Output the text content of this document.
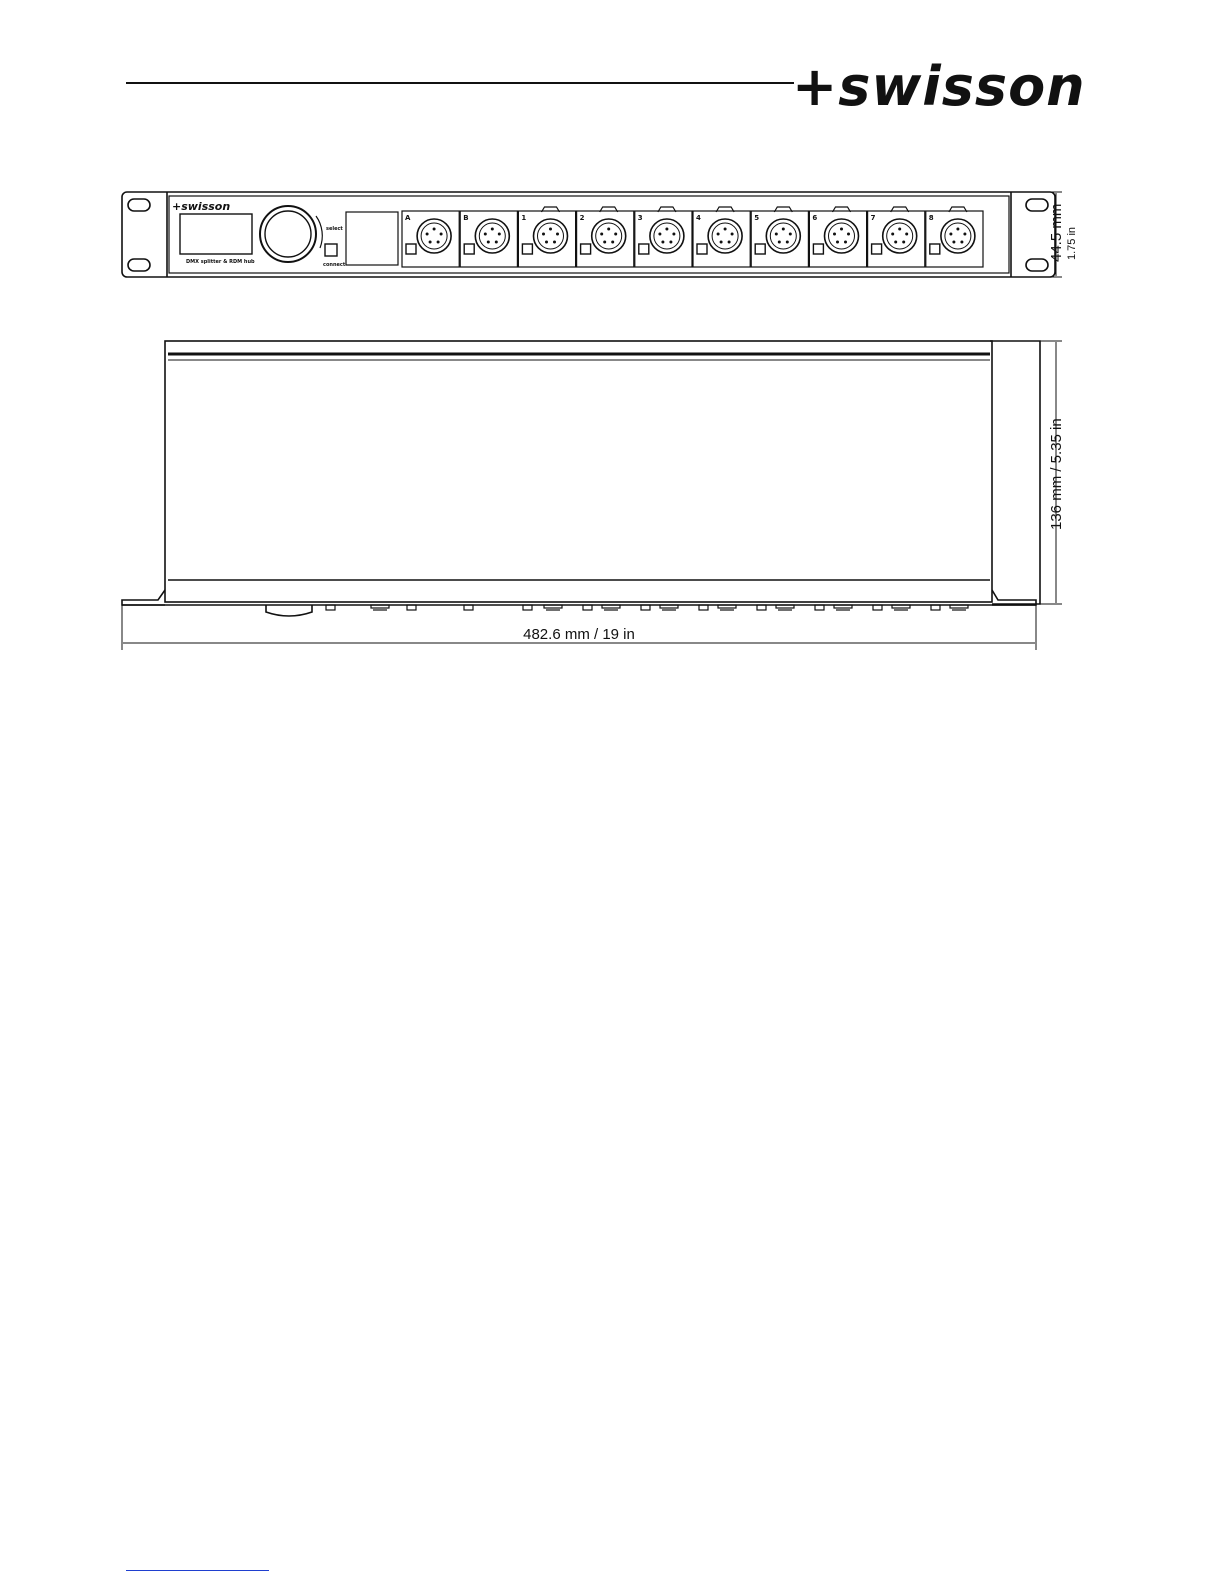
+swisson
A	B	1	2	3	4	5	6	7	8
+swisson
DMX splitter & RDM hub
select
connect
44.5 mm 1.75 in
136 mm / 5.35 in
482.6 mm / 19 in
